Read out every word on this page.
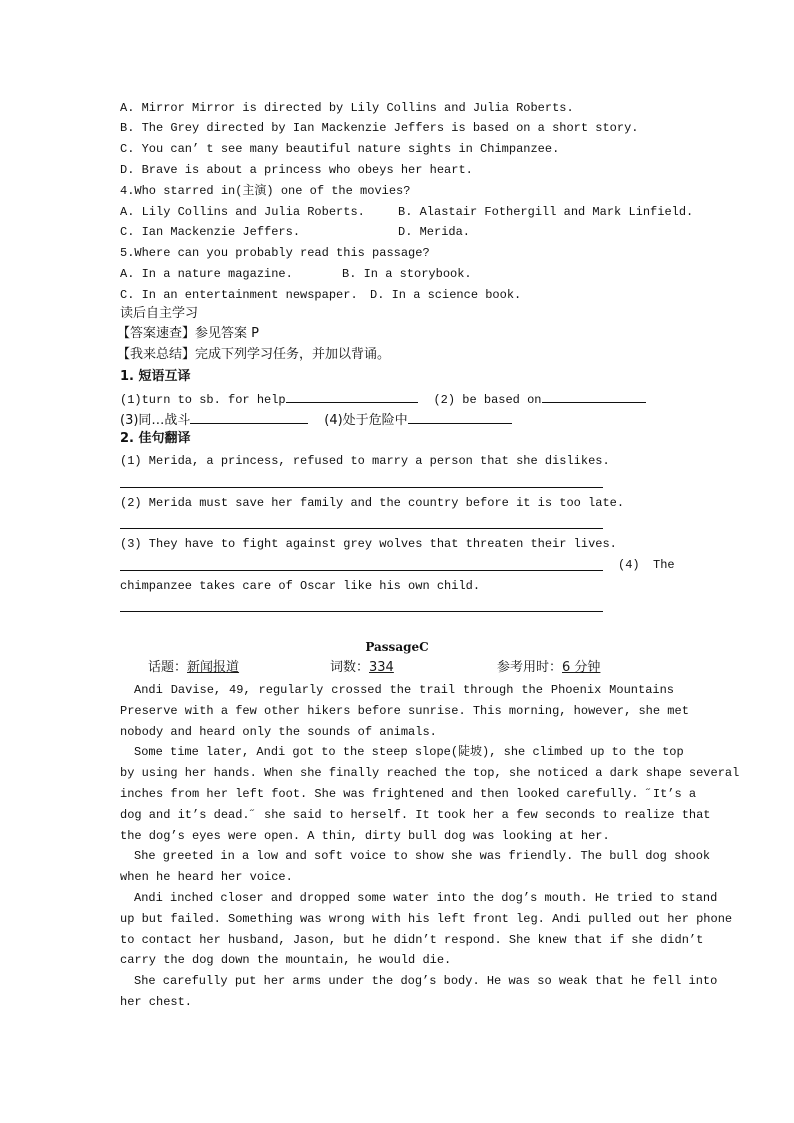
A. Mirror Mirror is directed by Lily Collins and Julia Roberts.
B. The Grey directed by Ian Mackenzie Jeffers is based on a short story.
C. You can’ t see many beautiful nature sights in Chimpanzee.
D. Brave is about a princess who obeys her heart.
4.Who starred in(主演) one of the movies?
A. Lily Collins and Julia Roberts.	B. Alastair Fothergill and Mark Linfield.
C. Ian Mackenzie Jeffers.	D. Merida.
5.Where can you probably read this passage?
A. In a nature magazine.	B. In a storybook.
C. In an entertainment newspaper. D. In a science book.
读后自主学习
【答案速查】参见答案 P
【我来总结】完成下列学习任务，并加以背诵。
1. 短语互译
(1)turn to sb. for help	(2) be based on
(3)同…战斗	(4)处于危险中
2. 佳句翻译
(1) Merida, a princess, refused to marry a person that she dislikes.
(2) Merida must save her family and the country before it is too late.
(3) They have to fight against grey wolves that threaten their lives.
(4) The
chimpanzee takes care of Oscar like his own child.
PassageC
话题：新闻报道	词数：334	参考用时：6 分钟
Andi Davise, 49, regularly crossed the trail through the Phoenix Mountains
Preserve with a few other hikers before sunrise. This morning, however, she met
nobody and heard only the sounds of animals.
Some time later, Andi got to the steep slope(陡坡), she climbed up to the top
by using her hands. When she finally reached the top, she noticed a dark shape several
inches from her left foot. She was frightened and then looked carefully. ˝It’s a
dog and it’s dead.˝ she said to herself. It took her a few seconds to realize that
the dog’s eyes were open. A thin, dirty bull dog was looking at her.
She greeted in a low and soft voice to show she was friendly. The bull dog shook
when he heard her voice.
Andi inched closer and dropped some water into the dog’s mouth. He tried to stand
up but failed. Something was wrong with his left front leg. Andi pulled out her phone
to contact her husband, Jason, but he didn’t respond. She knew that if she didn’t
carry the dog down the mountain, he would die.
She carefully put her arms under the dog’s body. He was so weak that he fell into
her chest.
